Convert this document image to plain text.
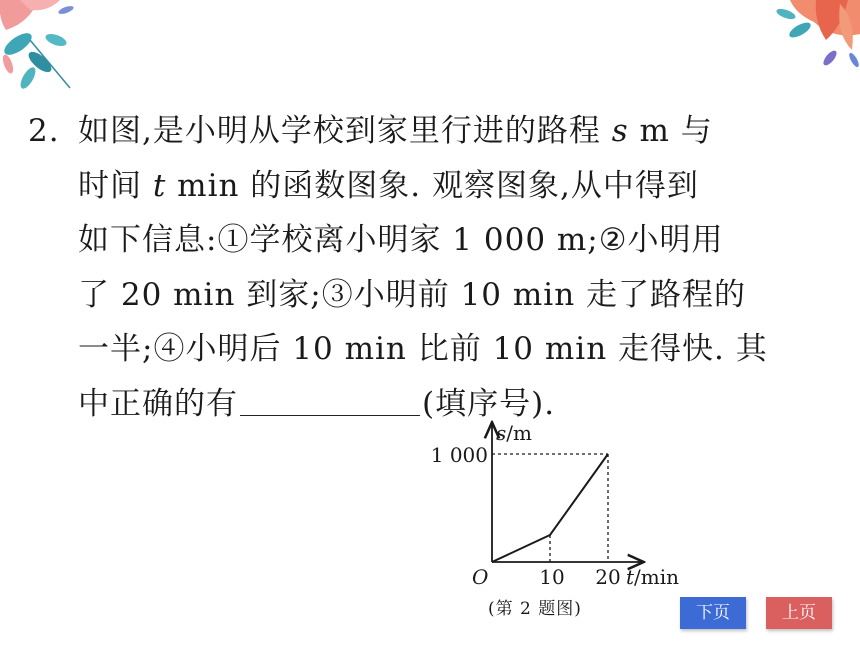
2. 如图,是小明从学校到家里行进的路程 s m 与
时间 t min 的函数图象. 观察图象,从中得到
如下信息:①学校离小明家 1 000 m;②小明用
了 20 min 到家;③小明前 10 min 走了路程的
一半;④小明后 10 min 比前 10 min 走得快. 其
中正确的有	(填序号).
s/m
1 000
O	10 20 t/min
(第 2 题图)	下页	上页
